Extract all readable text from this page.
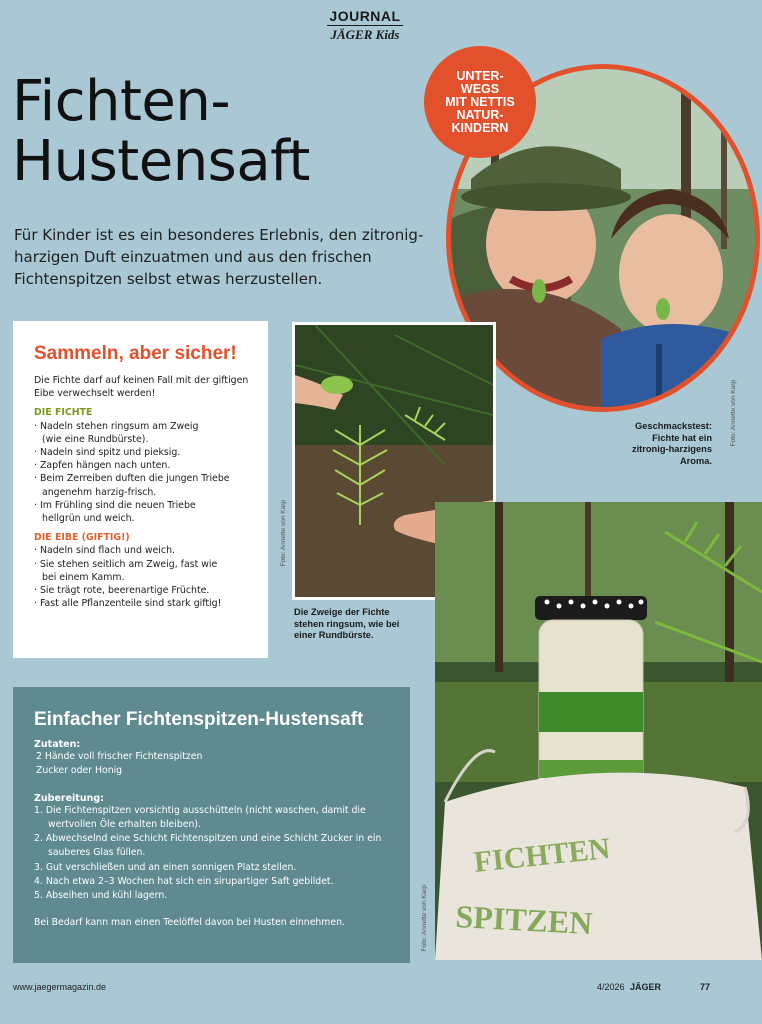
JOURNAL
JÄGER Kids
Fichten-
Hustensaft
Für Kinder ist es ein besonderes Erlebnis, den zitronig-harzigen Duft einzuatmen und aus den frischen Fichtenspitzen selbst etwas herzustellen.
UNTER-
WEGS
MIT NETTIS
NATUR-
KINDERN
Geschmackstest:
Fichte hat ein
zitronig-harzigens
Aroma.
Foto: Annette von Karp
Sammeln, aber sicher!
Die Fichte darf auf keinen Fall mit der giftigen
Eibe verwechselt werden!
DIE FICHTE
· Nadeln stehen ringsum am Zweig
(wie eine Rundbürste).
· Nadeln sind spitz und pieksig.
· Zapfen hängen nach unten.
· Beim Zerreiben duften die jungen Triebe
angenehm harzig-frisch.
· Im Frühling sind die neuen Triebe
hellgrün und weich.
DIE EIBE (GIFTIG!)
· Nadeln sind flach und weich.
· Sie stehen seitlich am Zweig, fast wie
bei einem Kamm.
· Sie trägt rote, beerenartige Früchte.
· Fast alle Pflanzenteile sind stark giftig!
Foto: Annette von Karp
Die Zweige der Fichte
stehen ringsum, wie bei
einer Rundbürste.
Einfacher Fichtenspitzen-Hustensaft
Zutaten:
2 Hände voll frischer Fichtenspitzen
Zucker oder Honig
Zubereitung:
1. Die Fichtenspitzen vorsichtig ausschütteln (nicht waschen, damit die
wertvollen Öle erhalten bleiben).
2. Abwechselnd eine Schicht Fichtenspitzen und eine Schicht Zucker in ein
sauberes Glas füllen.
3. Gut verschließen und an einen sonnigen Platz stellen.
4. Nach etwa 2–3 Wochen hat sich ein sirupartiger Saft gebildet.
5. Abseihen und kühl lagern.
Bei Bedarf kann man einen Teelöffel davon bei Husten einnehmen.
FICHTEN
SPITZEN
Foto: Annette von Karp
www.jaegermagazin.de	4/2026 JÄGER	77
